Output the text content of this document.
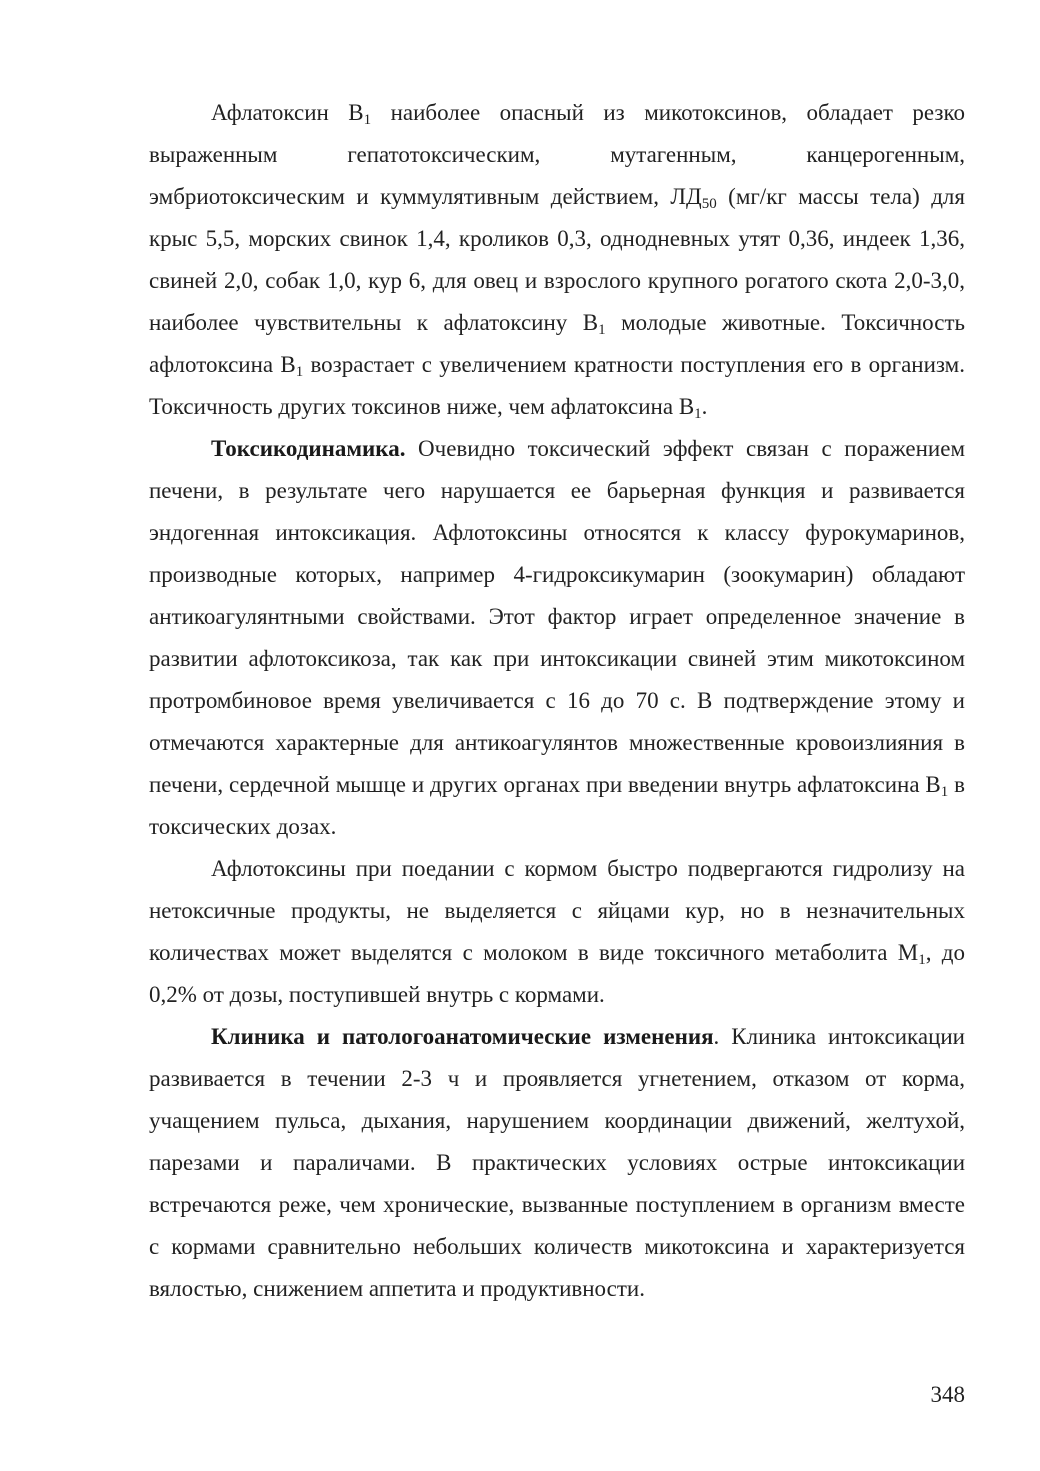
Афлатоксин $B_1$ наиболее опасный из микотоксинов, обладает резко выраженным гепатотоксическим, мутагенным, канцерогенным, эмбриотоксическим и куммулятивным действием, $ЛД_{50}$ (мг/кг массы тела) для крыс 5,5, морских свинок 1,4, кроликов 0,3, однодневных утят 0,36, индеек 1,36, свиней 2,0, собак 1,0, кур 6, для овец и взрослого крупного рогатого скота 2,0-3,0, наиболее чувствительны к афлатоксину $B_1$ молодые животные. Токсичность афлотоксина $B_1$ возрастает с увеличением кратности поступления его в организм. Токсичность других токсинов ниже, чем афлатоксина $B_1$.

Токсикодинамика. Очевидно токсический эффект связан с поражением печени, в результате чего нарушается ее барьерная функция и развивается эндогенная интоксикация. Афлотоксины относятся к классу фурокумаринов, производные которых, например 4-гидроксикумарин (зоокумарин) обладают антикоагулянтными свойствами. Этот фактор играет определенное значение в развитии афлотоксикоза, так как при интоксикации свиней этим микотоксином протромбиновое время увеличивается с 16 до 70 с. В подтверждение этому и отмечаются характерные для антикоагулянтов множественные кровоизлияния в печени, сердечной мышце и других органах при введении внутрь афлатоксина $B_1$ в токсических дозах.

Афлотоксины при поедании с кормом быстро подвергаются гидролизу на нетоксичные продукты, не выделяется с яйцами кур, но в незначительных количествах может выделятся с молоком в виде токсичного метаболита $M_1$, до 0,2% от дозы, поступившей внутрь с кормами.

Клиника и патологоанатомические изменения. Клиника интоксикации развивается в течении 2-3 ч и проявляется угнетением, отказом от корма, учащением пульса, дыхания, нарушением координации движений, желтухой, парезами и параличами. В практических условиях острые интоксикации встречаются реже, чем хронические, вызванные поступлением в организм вместе с кормами сравнительно небольших количеств микотоксина и характеризуется вялостью, снижением аппетита и продуктивности.

348
